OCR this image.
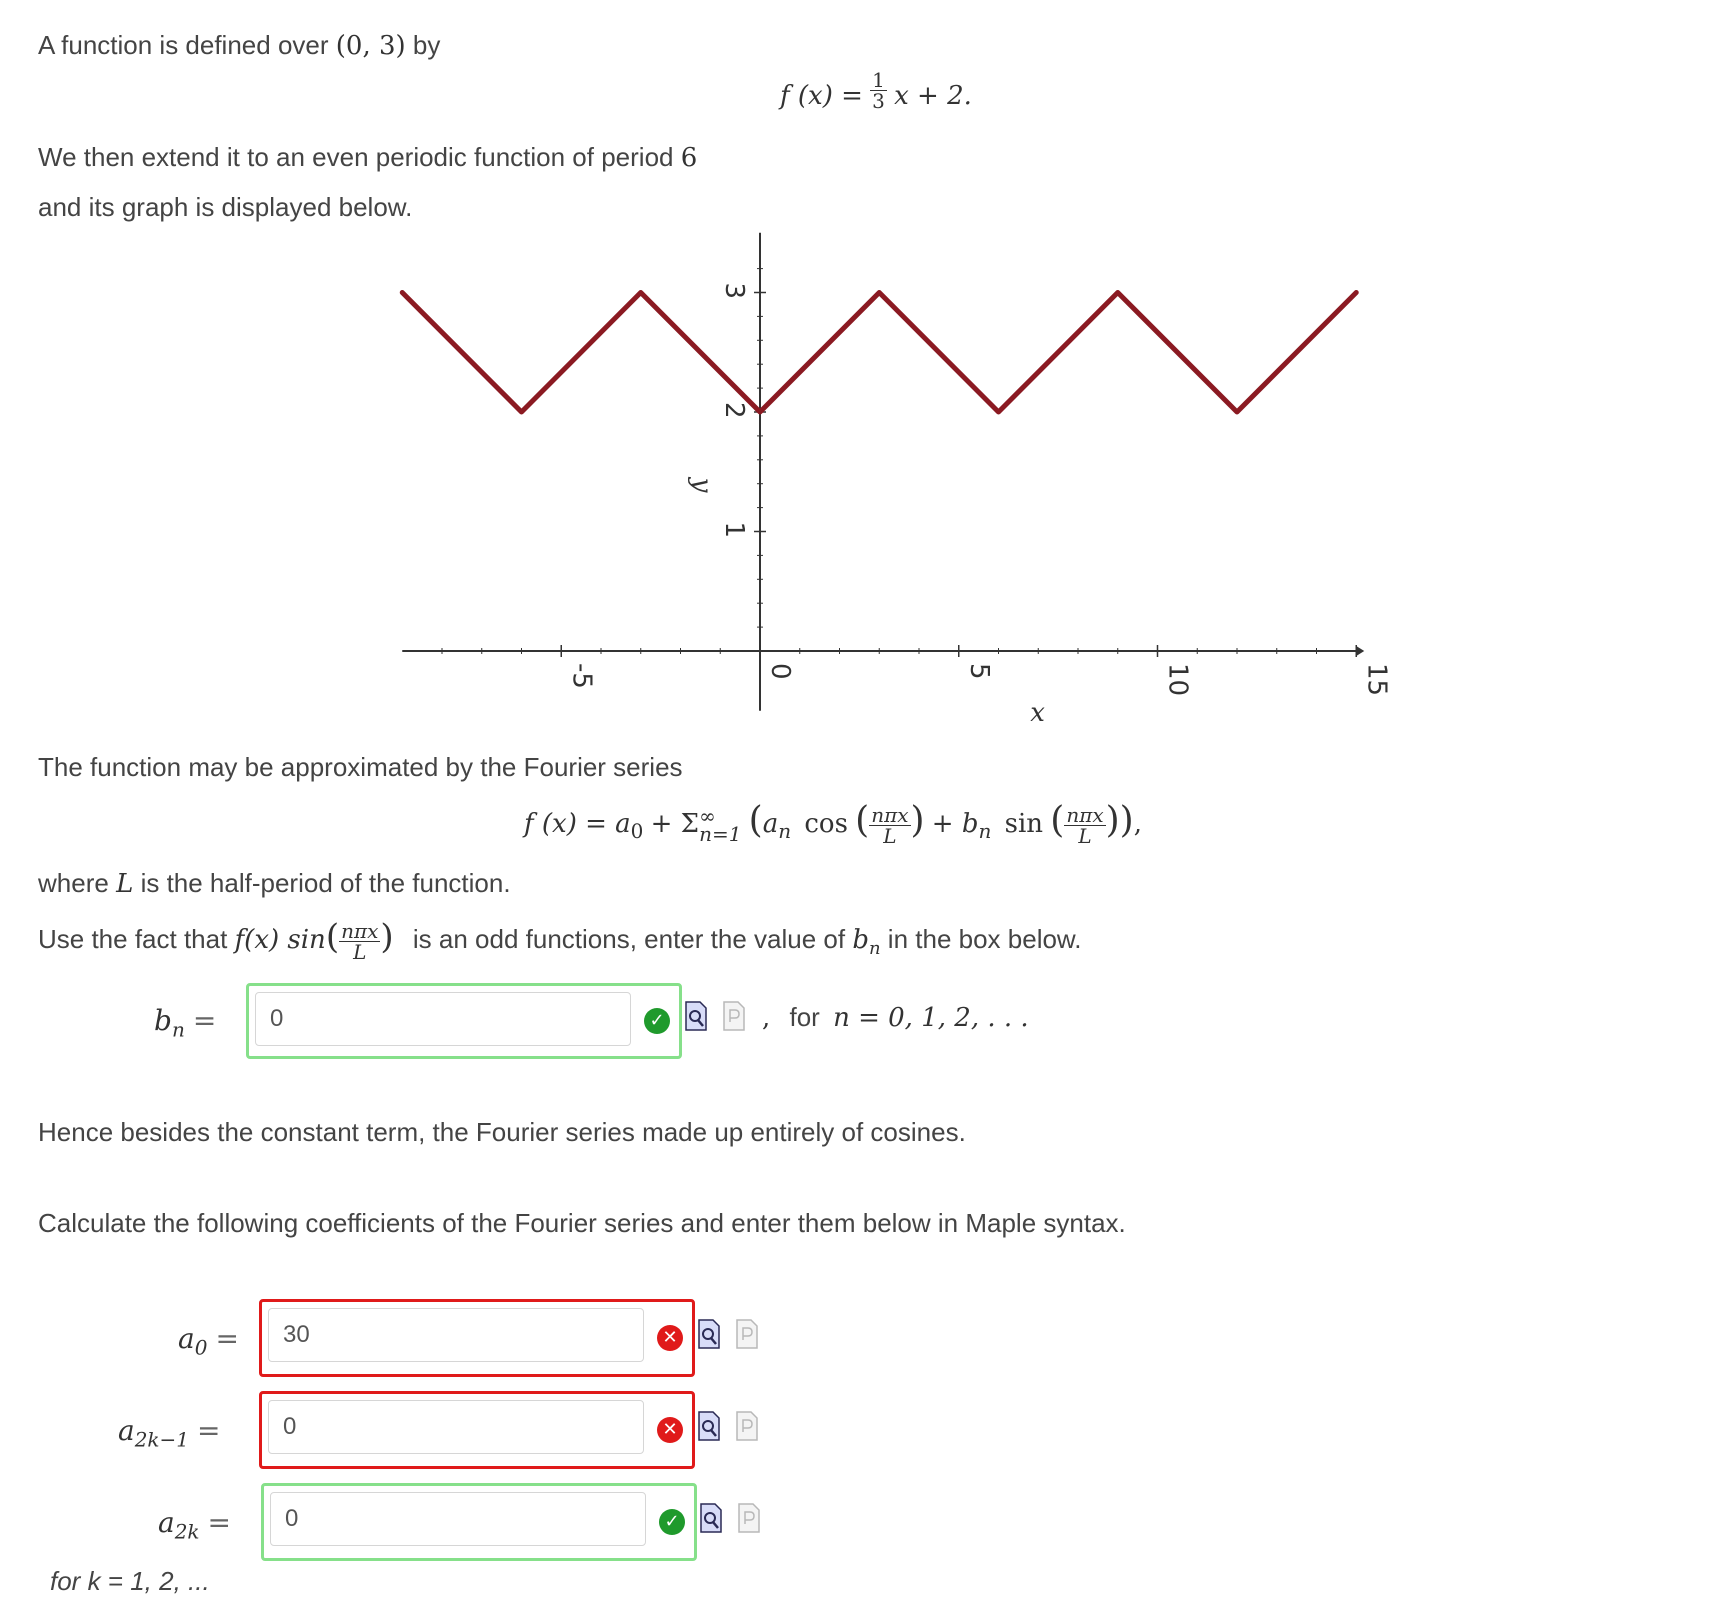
A function is defined over (0, 3) by
f $(x) = \frac{1}{3}$ x + 2.
We then extend it to an even periodic function of period 6
and its graph is displayed below.
-5	0	5	10	15
1
2
3
y
x
The function may be approximated by the Fourier series
f $(x) = a_0 + \Sigma$ ∞
n=1 ($a_n$ cos ( $\frac{\text{nπx}}{L}$ ) + $b_n$ sin ( $\frac{\text{nπx}}{L}$ )),
where L is the half-period of the function.
Use the fact that f(x) $\sin( \frac{\text{nπx}}{L}$ ) is an odd functions, enter the value of $b_n$ in the box below.
$b_n$ =
0	✓	, for n = 0, 1, 2, . . .
Hence besides the constant term, the Fourier series made up entirely of cosines.
Calculate the following coefficients of the Fourier series and enter them below in Maple syntax.
$a_0$ =
30	✕
$a_{2k-1}$ =
0	✕
$a_{2k}$ =
0	✓
for k = 1, 2, ...
